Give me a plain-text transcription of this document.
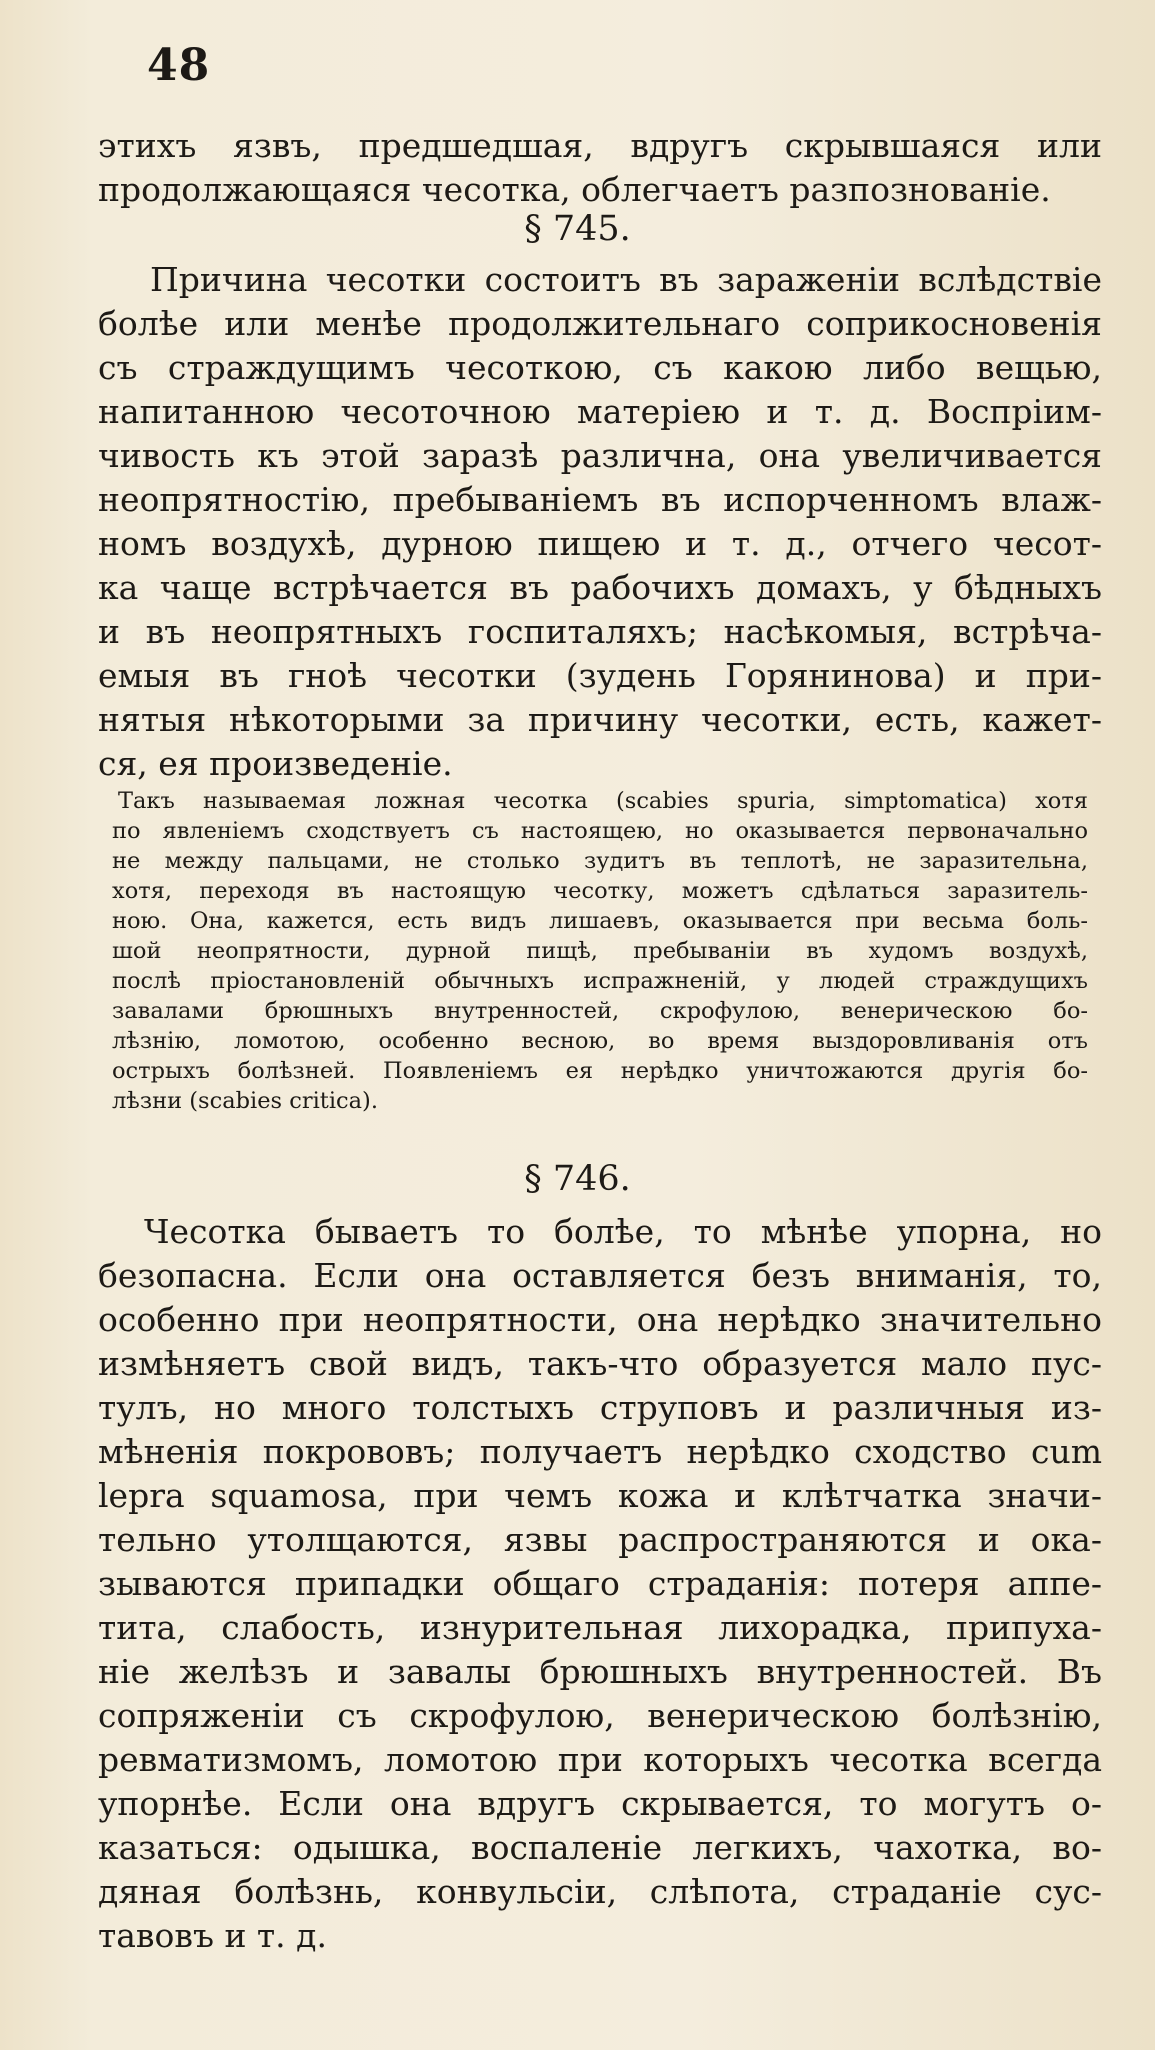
48
этихъ язвъ, предшедшая, вдругъ скрывшаяся или
продолжающаяся чесотка, облегчаетъ разпознованіе.
§ 745.
Причина чесотки состоитъ въ зараженіи вслѣдствіе
болѣе или менѣе продолжительнаго соприкосновенія
съ страждущимъ чесоткою, съ какою либо вещью,
напитанною чесоточною матеріею и т. д. Воспріим-
чивость къ этой заразѣ различна, она увеличивается
неопрятностію, пребываніемъ въ испорченномъ влаж-
номъ воздухѣ, дурною пищею и т. д., отчего чесот-
ка чаще встрѣчается въ рабочихъ домахъ, у бѣдныхъ
и въ неопрятныхъ госпиталяхъ; насѣкомыя, встрѣча-
емыя въ гноѣ чесотки (зудень Горянинова) и при-
нятыя нѣкоторыми за причину чесотки, есть, кажет-
ся, ея произведеніе.
Такъ называемая ложная чесотка (scabies spuria, simptomatica) хотя
по явленіемъ сходствуетъ съ настоящею, но оказывается первоначально
не между пальцами, не столько зудитъ въ теплотѣ, не заразительна,
хотя, переходя въ настоящую чесотку, можетъ сдѣлаться заразитель-
ною. Она, кажется, есть видъ лишаевъ, оказывается при весьма боль-
шой неопрятности, дурной пищѣ, пребываніи въ худомъ воздухѣ,
послѣ пріостановленій обычныхъ испражненій, у людей страждущихъ
завалами брюшныхъ внутренностей, скрофулою, венерическою бо-
лѣзнію, ломотою, особенно весною, во время выздоровливанія отъ
острыхъ болѣзней. Появленіемъ ея нерѣдко уничтожаются другія бо-
лѣзни (scabies critica).
§ 746.
Чесотка бываетъ то болѣе, то мѣнѣе упорна, но
безопасна. Если она оставляется безъ вниманія, то,
особенно при неопрятности, она нерѣдко значительно
измѣняетъ свой видъ, такъ-что образуется мало пус-
тулъ, но много толстыхъ струповъ и различныя из-
мѣненія покрововъ; получаетъ нерѣдко сходство cum
lepra squamosa, при чемъ кожа и клѣтчатка значи-
тельно утолщаются, язвы распространяются и ока-
зываются припадки общаго страданія: потеря аппе-
тита, слабость, изнурительная лихорадка, припуха-
ніе желѣзъ и завалы брюшныхъ внутренностей. Въ
сопряженіи съ скрофулою, венерическою болѣзнію,
ревматизмомъ, ломотою при которыхъ чесотка всегда
упорнѣе. Если она вдругъ скрывается, то могутъ о-
казаться: одышка, воспаленіе легкихъ, чахотка, во-
дяная болѣзнь, конвульсіи, слѣпота, страданіе сус-
тавовъ и т. д.
